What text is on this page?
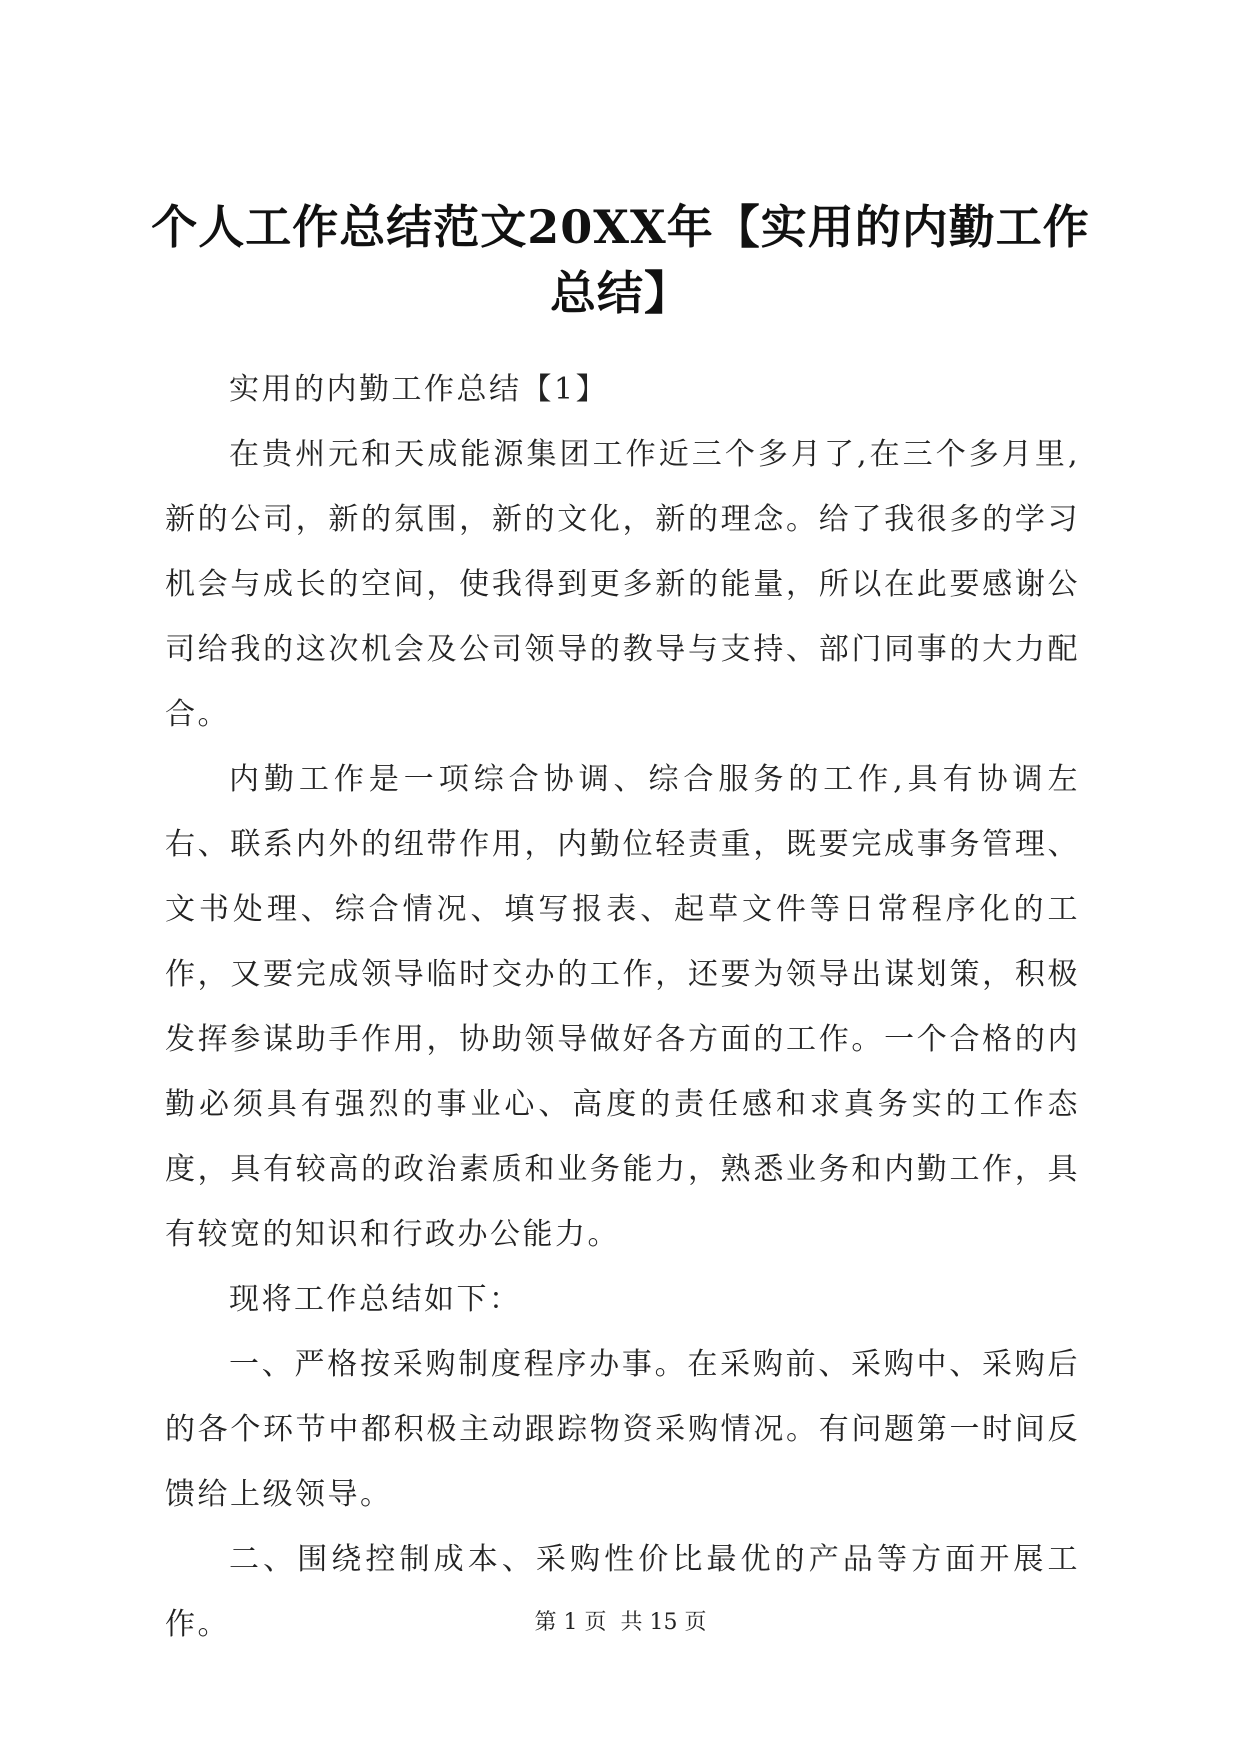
个人工作总结范文20XX年【实用的内勤工作总结】

实用的内勤工作总结【1】

在贵州元和天成能源集团工作近三个多月了,在三个多月里,新的公司，新的氛围，新的文化，新的理念。给了我很多的学习机会与成长的空间，使我得到更多新的能量，所以在此要感谢公司给我的这次机会及公司领导的教导与支持、部门同事的大力配合。

内勤工作是一项综合协调、综合服务的工作,具有协调左右、联系内外的纽带作用，内勤位轻责重，既要完成事务管理、文书处理、综合情况、填写报表、起草文件等日常程序化的工作，又要完成领导临时交办的工作，还要为领导出谋划策，积极发挥参谋助手作用，协助领导做好各方面的工作。一个合格的内勤必须具有强烈的事业心、高度的责任感和求真务实的工作态度，具有较高的政治素质和业务能力，熟悉业务和内勤工作，具有较宽的知识和行政办公能力。

现将工作总结如下：

一、严格按采购制度程序办事。在采购前、采购中、采购后的各个环节中都积极主动跟踪物资采购情况。有问题第一时间反馈给上级领导。

二、围绕控制成本、采购性价比最优的产品等方面开展工作。	第 1 页  共 15 页
